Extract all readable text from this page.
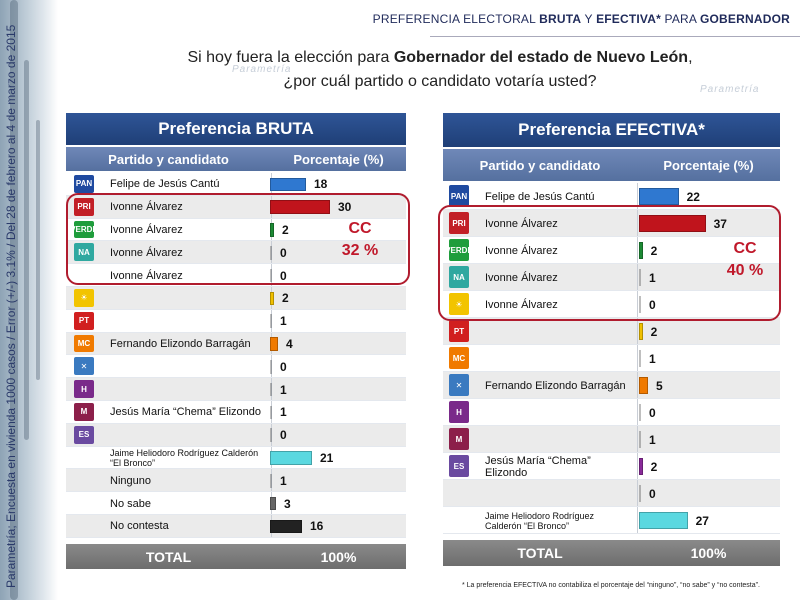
Parametría; Encuesta en vivienda 1000 casos / Error (+/-) 3.1% / Del 28 de febrero al 4 de marzo de 2015
PREFERENCIA ELECTORAL BRUTA Y EFECTIVA* PARA GOBERNADOR
Parametría
Parametría
Si hoy fuera la elección para Gobernador del estado de Nuevo León,
¿por cuál partido o candidato votaría usted?
Preferencia BRUTA
Partido y candidato	Porcentaje (%)
PAN Felipe de Jesús Cantú	18
PRI	Ivonne Álvarez	30
VERDE Ivonne Álvarez	2
NA	Ivonne Álvarez	0
Ivonne Álvarez	0
☀	2
PT	1
MC	Fernando Elizondo Barragán	4
✕	0
H	1
M	Jesús María “Chema” Elizondo	1
ES	0
Jaime Heliodoro Rodríguez Calderón “El Bronco”	21
Ninguno	1
No sabe	3
No contesta	16
TOTAL	100%
CC
32 %
Preferencia EFECTIVA*
Partido y candidato	Porcentaje (%)
PAN Felipe de Jesús Cantú	22
PRI	Ivonne Álvarez	37
VERDE Ivonne Álvarez	2
NA	Ivonne Álvarez	1
☀	Ivonne Álvarez	0
PT	2
MC	1
✕	Fernando Elizondo Barragán	5
H	0
M	1
ES	Jesús María “Chema” Elizondo	2
0
Jaime Heliodoro Rodríguez Calderón “El Bronco”	27
TOTAL	100%
CC
40 %
* La preferencia EFECTIVA no contabiliza el porcentaje del “ninguno”, “no sabe” y “no contesta”.
